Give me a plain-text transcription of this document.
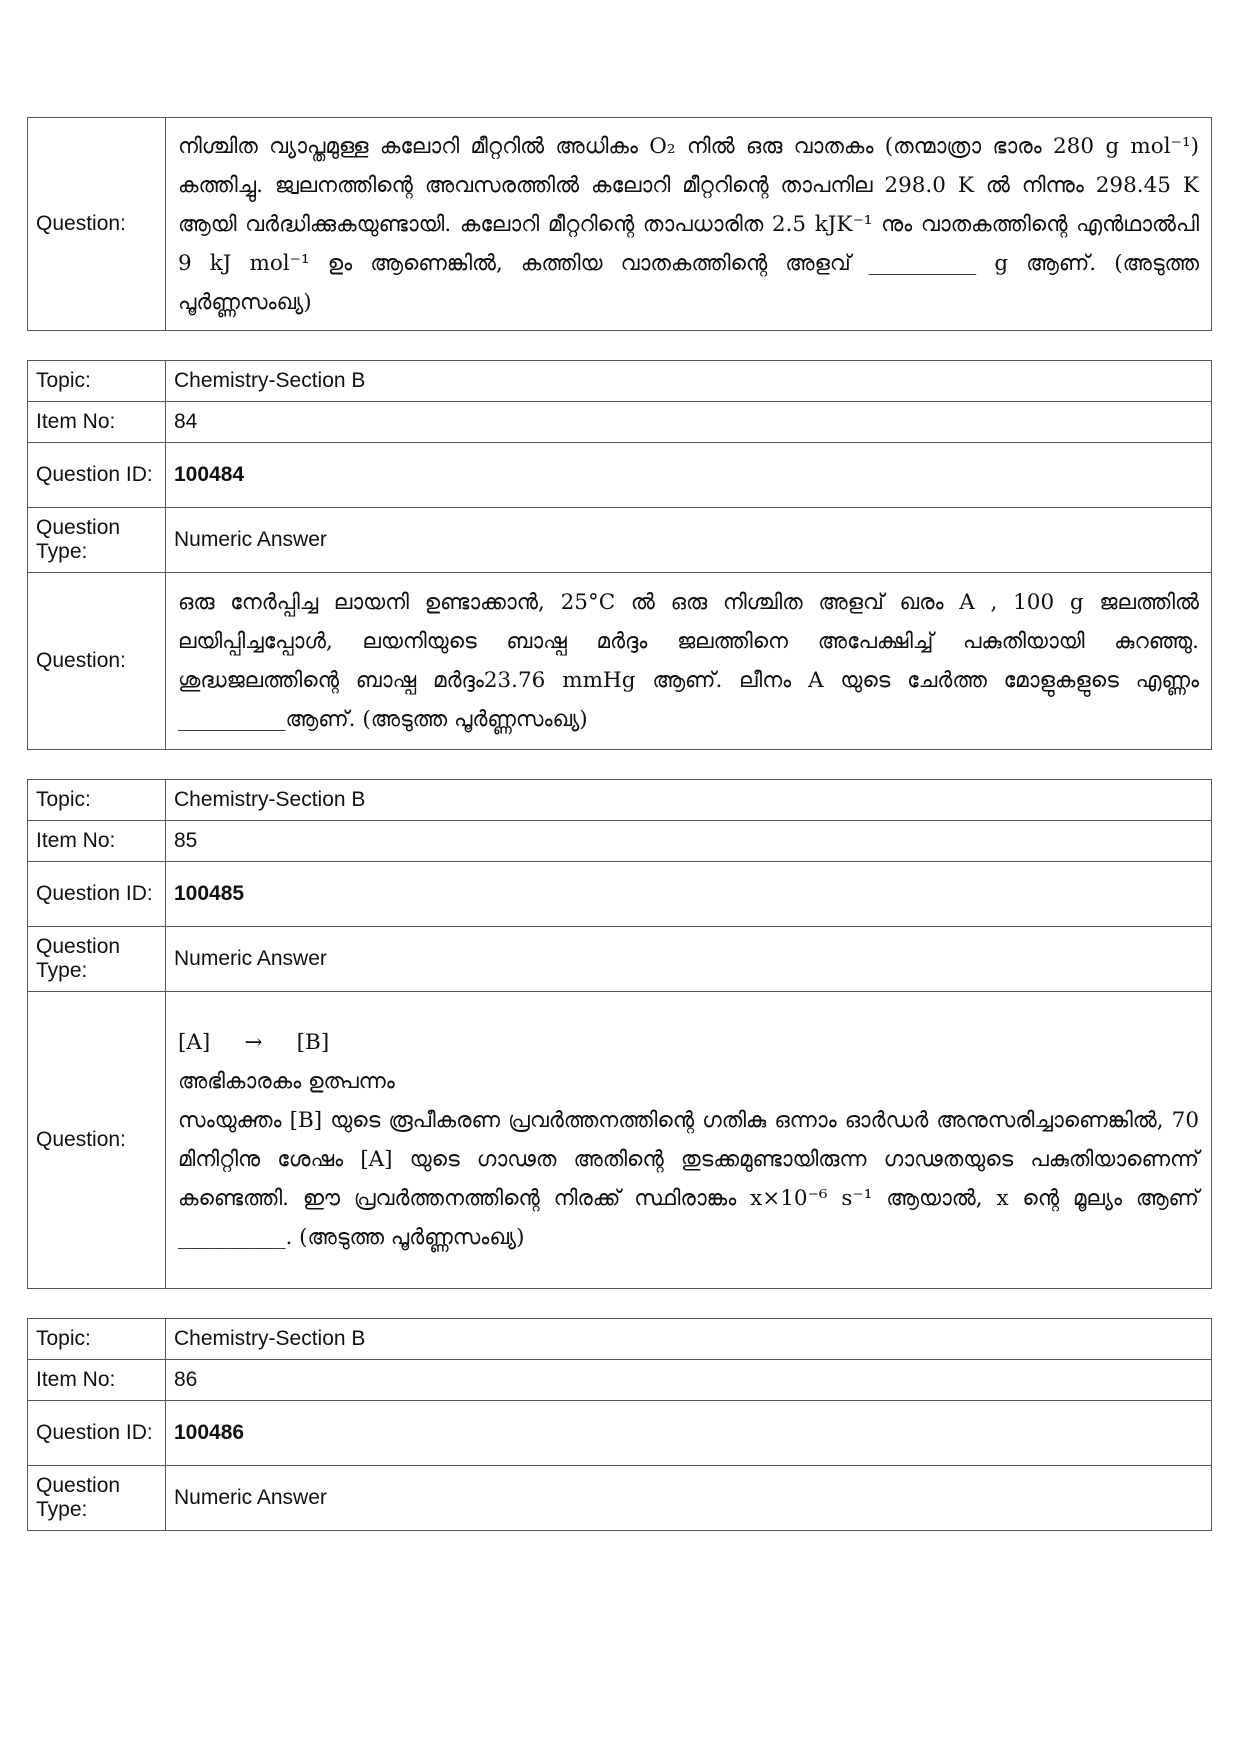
Question:	നിശ്ചിത വ്യാപ്തമുള്ള കലോറി മീറ്ററിൽ അധികം O₂ നിൽ ഒരു വാതകം (തന്മാത്രാ ഭാരം 280 g mol⁻¹) കത്തിച്ചു. ജ്വലനത്തിന്റെ അവസരത്തിൽ കലോറി മീറ്ററിന്റെ താപനില 298.0 K ൽ നിന്നും 298.45 K ആയി വർദ്ധിക്കുകയുണ്ടായി. കലോറി മീറ്ററിന്റെ താപധാരിത 2.5 kJK⁻¹ നും വാതകത്തിന്റെ എൻഥാൽപി 9 kJ mol⁻¹ ഉം ആണെങ്കിൽ, കത്തിയ വാതകത്തിന്റെ അളവ് __________ g ആണ്. (അടുത്ത പൂർണ്ണസംഖ്യ)
Topic:	Chemistry-Section B
Item No:	84
Question ID:	100484
Question Type:	Numeric Answer
Question:	ഒരു നേർപ്പിച്ച ലായനി ഉണ്ടാക്കാൻ, 25°C ൽ ഒരു നിശ്ചിത അളവ് ഖരം A , 100 g ജലത്തിൽ ലയിപ്പിച്ചപ്പോൾ, ലയനിയുടെ ബാഷ്പ മർദ്ദം ജലത്തിനെ അപേക്ഷിച്ച് പകുതിയായി കുറഞ്ഞു. ശുദ്ധജലത്തിന്റെ ബാഷ്പ മർദ്ദം23.76 mmHg ആണ്. ലീനം A യുടെ ചേർത്ത മോളുകളുടെ എണ്ണം __________ആണ്. (അടുത്ത പൂർണ്ണസംഖ്യ)
Topic:	Chemistry-Section B
Item No:	85
Question ID:	100485
Question Type:	Numeric Answer
Question:	[A]     →     [B]
അഭികാരകം ഉത്പന്നം
സംയുക്തം [B] യുടെ രൂപീകരണ പ്രവർത്തനത്തിന്റെ ഗതികു ഒന്നാം ഓർഡർ അനുസരിച്ചാണെങ്കിൽ, 70 മിനിറ്റിനു ശേഷം [A] യുടെ ഗാഢത അതിന്റെ തുടക്കമുണ്ടായിരുന്ന ഗാഢതയുടെ പകുതിയാണെന്ന് കണ്ടെത്തി. ഈ പ്രവർത്തനത്തിന്റെ നിരക്ക് സ്ഥിരാങ്കം x×10⁻⁶ s⁻¹ ആയാൽ, x ന്റെ മൂല്യം ആണ് __________. (അടുത്ത പൂർണ്ണസംഖ്യ)
Topic:	Chemistry-Section B
Item No:	86
Question ID:	100486
Question Type:	Numeric Answer
